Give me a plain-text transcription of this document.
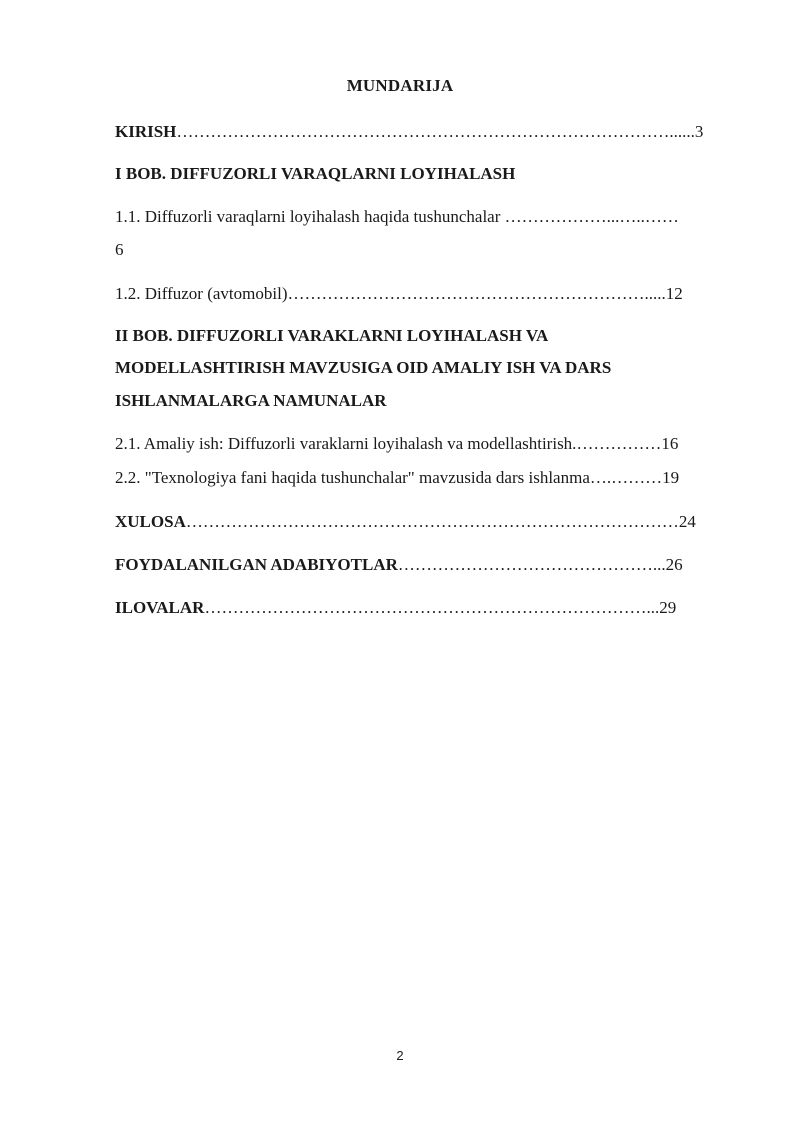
MUNDARIJA
KIRISH……………………………………………………………………………......3
I BOB. DIFFUZORLI VARAQLARNI LOYIHALASH
1.1. Diffuzorli varaqlarni loyihalash haqida tushunchalar ………………...…..……
6
1.2. Diffuzor (avtomobil)……………………………………………………….....12
II BOB. DIFFUZORLI VARAKLARNI LOYIHALASH VA
MODELLASHTIRISH MAVZUSIGA OID AMALIY ISH VA DARS
ISHLANMALARGA NAMUNALAR
2.1. Amaliy ish: Diffuzorli varaklarni loyihalash va modellashtirish.……………16
2.2. "Texnologiya fani haqida tushunchalar" mavzusida dars ishlanma….………19
XULOSA……………………………………………………………………………24
FOYDALANILGAN ADABIYOTLAR………………………………………...26
ILOVALAR……………………………………………………………………...29
2
